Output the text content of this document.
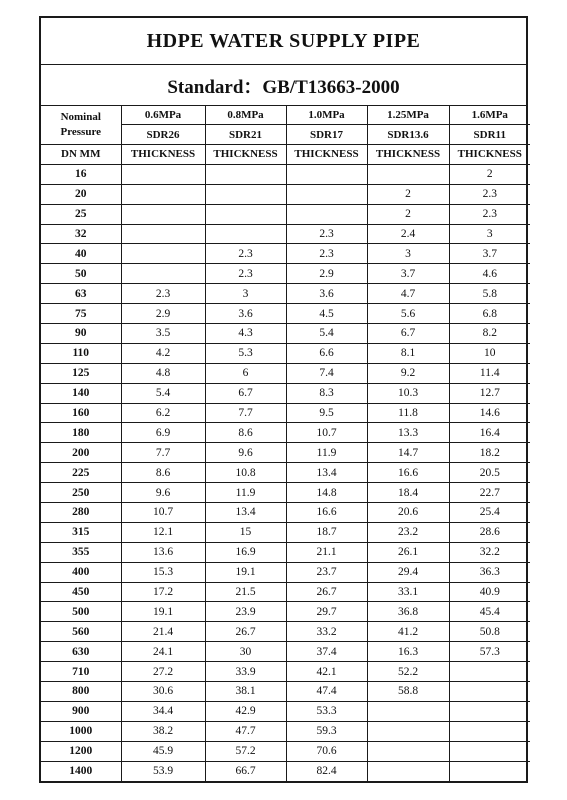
HDPE WATER SUPPLY PIPE
Standard：GB/T13663-2000
Nominal
Pressure	0.6MPa	0.8MPa	1.0MPa	1.25MPa	1.6MPa
	SDR26	SDR21	SDR17	SDR13.6	SDR11
DN MM	THICKNESS	THICKNESS	THICKNESS	THICKNESS	THICKNESS
16					2
20				2	2.3
25				2	2.3
32			2.3	2.4	3
40		2.3	2.3	3	3.7
50		2.3	2.9	3.7	4.6
63	2.3	3	3.6	4.7	5.8
75	2.9	3.6	4.5	5.6	6.8
90	3.5	4.3	5.4	6.7	8.2
110	4.2	5.3	6.6	8.1	10
125	4.8	6	7.4	9.2	11.4
140	5.4	6.7	8.3	10.3	12.7
160	6.2	7.7	9.5	11.8	14.6
180	6.9	8.6	10.7	13.3	16.4
200	7.7	9.6	11.9	14.7	18.2
225	8.6	10.8	13.4	16.6	20.5
250	9.6	11.9	14.8	18.4	22.7
280	10.7	13.4	16.6	20.6	25.4
315	12.1	15	18.7	23.2	28.6
355	13.6	16.9	21.1	26.1	32.2
400	15.3	19.1	23.7	29.4	36.3
450	17.2	21.5	26.7	33.1	40.9
500	19.1	23.9	29.7	36.8	45.4
560	21.4	26.7	33.2	41.2	50.8
630	24.1	30	37.4	16.3	57.3
710	27.2	33.9	42.1	52.2	
800	30.6	38.1	47.4	58.8	
900	34.4	42.9	53.3		
1000	38.2	47.7	59.3		
1200	45.9	57.2	70.6		
1400	53.9	66.7	82.4		
